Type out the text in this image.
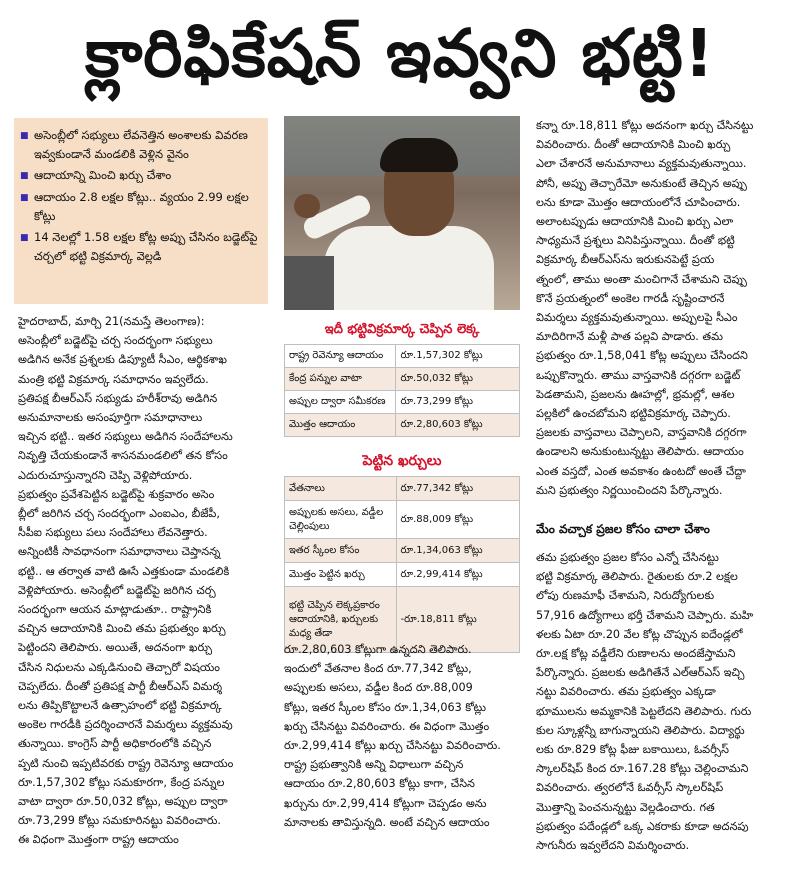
క్లారిఫికేషన్ ఇవ్వని భట్టి!
■ అసెంబ్లీలో సభ్యులు లేవనెత్తిన అంశాలకు వివరణ ఇవ్వకుండానే మండలికి వెళ్లిన వైనం
■ ఆదాయాన్ని మించి ఖర్చు చేశాం
■ ఆదాయం 2.8 లక్షల కోట్లు.. వ్యయం 2.99 లక్షల కోట్లు
■ 14 నెలల్లో 1.58 లక్షల కోట్ల అప్పు చేసినం బడ్జెట్‌పై చర్చలో భట్టి విక్రమార్క వెల్లడి
ఇదీ భట్టివిక్రమార్క చెప్పిన లెక్క
రాష్ట్ర రెవెన్యూ ఆదాయం	రూ.1,57,302 కోట్లు
కేంద్ర పన్నుల వాటా	రూ.50,032 కోట్లు
అప్పుల ద్వారా సమీకరణ	రూ.73,299 కోట్లు
మొత్తం ఆదాయం	రూ.2,80,603 కోట్లు
పెట్టిన ఖర్చులు
వేతనాలు	రూ.77,342 కోట్లు
అప్పులకు అసలు, వడ్డీల చెల్లింపులు	రూ.88,009 కోట్లు
ఇతర స్కీంల కోసం	రూ.1,34,063 కోట్లు
మొత్తం పెట్టిన ఖర్చు	రూ.2,99,414 కోట్లు
భట్టి చెప్పిన లెక్కప్రకారం ఆదాయానికి, ఖర్చులకు మధ్య తేడా	-రూ.18,811 కోట్లు
హైదరాబాద్, మార్చి 21(నమస్తే తెలంగాణ):
అసెంబ్లీలో బడ్జెట్‌పై చర్చ సందర్భంగా సభ్యులు
అడిగిన అనేక ప్రశ్నలకు డిప్యూటీ సీఎం, ఆర్థికశాఖ
మంత్రి భట్టి విక్రమార్క సమాధానం ఇవ్వలేదు.
ప్రతిపక్ష బీఆర్‌ఎస్ సభ్యుడు హరీశ్‌రావు అడిగిన
అనుమానాలకు అసంపూర్తిగా సమాధానాలు
ఇచ్చిన భట్టి.. ఇతర సభ్యులు అడిగిన సందేహాలను
నివృత్తి చేయకుండానే శాసనమండలిలో తన కోసం
ఎదురుచూస్తున్నారని చెప్పి వెళ్లిపోయారు.
ప్రభుత్వం ప్రవేశపెట్టిన బడ్జెట్‌పై శుక్రవారం అసెం
బ్లీలో జరిగిన చర్చ సందర్భంగా ఎంఐఎం, బీజేపీ,
సీపీఐ సభ్యులు పలు సందేహాలు లేవనెత్తారు.
అన్నింటికీ సావధానంగా సమాధానాలు చెప్తానన్న
భట్టి.. ఆ తర్వాత వాటి ఊసే ఎత్తకుండా మండలికి
వెళ్లిపోయారు. అసెంబ్లీలో బడ్జెట్‌పై జరిగిన చర్చ
సందర్భంగా ఆయన మాట్లాడుతూ.. రాష్ట్రానికి
వచ్చిన ఆదాయానికి మించి తమ ప్రభుత్వం ఖర్చు
పెట్టిందని తెలిపారు. అయితే, అదనంగా ఖర్చు
చేసిన నిధులను ఎక్కడినుంచి తెచ్చారో విషయం
చెప్పలేదు. దీంతో ప్రతిపక్ష పార్టీ బీఆర్‌ఎస్ విమర్శ
లను తిప్పికొట్టాలనే ఉత్సాహంలో భట్టి విక్రమార్క
అంకెల గారడీకి ప్రదర్శించారనే విమర్శలు వ్యక్తమవు
తున్నాయి. కాంగ్రెస్ పార్టీ అధికారంలోకి వచ్చిన
ప్పటి నుంచి ఇప్పటివరకు రాష్ట్ర రెవెన్యూ ఆదాయం
రూ.1,57,302 కోట్లు సమకూరగా, కేంద్ర పన్నుల
వాటా ద్వారా రూ.50,032 కోట్లు, అప్పుల ద్వారా
రూ.73,299 కోట్లు సమకూరినట్టు వివరించారు.
ఈ విధంగా మొత్తంగా రాష్ట్ర ఆదాయం
రూ.2,80,603 కోట్లుగా ఉన్నదని తెలిపారు.
ఇందులో వేతనాల కింద రూ.77,342 కోట్లు,
అప్పులకు అసలు, వడ్డీల కింద రూ.88,009
కోట్లు, ఇతర స్కీంల కోసం రూ.1,34,063 కోట్లు
ఖర్చు చేసినట్టు వివరించారు. ఈ విధంగా మొత్తం
రూ.2,99,414 కోట్లు ఖర్చు చేసినట్టు వివరించారు.
రాష్ట్ర ప్రభుత్వానికి అన్ని విధాలుగా వచ్చిన
ఆదాయం రూ.2,80,603 కోట్లు కాగా, చేసిన
ఖర్చును రూ.2,99,414 కోట్లుగా చెప్పడం అను
మానాలకు తావిస్తున్నది. అంటే వచ్చిన ఆదాయం
కన్నా రూ.18,811 కోట్లు అదనంగా ఖర్చు చేసినట్టు
వివరించారు. దీంతో ఆదాయానికి మించి ఖర్చు
ఎలా చేశారనే అనుమానాలు వ్యక్తమవుతున్నాయి.
పోనీ, అప్పు తెచ్చారేమో అనుకుంటే తెచ్చిన అప్పు
లను కూడా మొత్తం ఆదాయంలోనే చూపించారు.
అలాంటప్పుడు ఆదాయానికి మించి ఖర్చు ఎలా
సాధ్యమనే ప్రశ్నలు వినిపిస్తున్నాయి. దీంతో భట్టి
విక్రమార్క బీఆర్‌ఎస్‌ను ఇరుకునపెట్టే ప్రయ
త్నంలో, తాము అంతా మంచిగానే చేశామని చెప్పు
కొనే ప్రయత్నంలో అంకెల గారడీ సృష్టించారనే
విమర్శలు వ్యక్తమవుతున్నాయి. అప్పులపై సీఎం
మాదిరిగానే మళ్లీ పాత పల్లవి పాడారు. తమ
ప్రభుత్వం రూ.1,58,041 కోట్ల అప్పులు చేసిందని
ఒప్పుకొన్నారు. తాము వాస్తవానికి దగ్గరగా బడ్జెట్
పెడతామని, ప్రజలను ఊహల్లో, భ్రమల్లో, ఆశల
పల్లకిలో ఉంచబోమని భట్టివిక్రమార్క చెప్పారు.
ప్రజలకు వాస్తవాలు చెప్పాలని, వాస్తవానికి దగ్గరగా
ఉండాలని అనుకుంటున్నట్టు తెలిపారు. ఆదాయం
ఎంత వస్తదో, ఎంత అవకాశం ఉంటదో అంతే చేద్దా
మని ప్రభుత్వం నిర్ణయించిందని పేర్కొన్నారు.
మేం వచ్చాక ప్రజల కోసం చాలా చేశాం
తమ ప్రభుత్వం ప్రజల కోసం ఎన్నో చేసినట్టు
భట్టి విక్రమార్క తెలిపారు. రైతులకు రూ.2 లక్షల
లోపు రుణమాఫీ చేశామని, నిరుద్యోగులకు
57,916 ఉద్యోగాలు భర్తీ చేశామని చెప్పారు. మహి
ళలకు ఏటా రూ.20 వేల కోట్ల చొప్పున ఐదేండ్లలో
రూ.లక్ష కోట్ల వడ్డీలేని రుణాలను అందజేస్తామని
పేర్కొన్నారు. ప్రజలకు అడిగితేనే ఎల్‌ఆర్‌ఎస్ ఇచ్చి
నట్టు వివరించారు. తమ ప్రభుత్వం ఎక్కడా
భూములను అమ్మకానికి పెట్టలేదని తెలిపారు. గురు
కుల స్కూళ్లన్నీ బాగున్నాయని తెలిపారు. విద్యార్థు
లకు రూ.829 కోట్ల ఫీజు బకాయిలు, ఓవర్సీస్
స్కాలర్‌షిప్ కింద రూ.167.28 కోట్లు చెల్లించామని
వివరించారు. త్వరలోనే ఓవర్సీస్ స్కాలర్‌షిప్
మొత్తాన్ని పెంచనున్నట్టు వెల్లడించారు. గత
ప్రభుత్వం పదేండ్లలో ఒక్క ఎకరాకు కూడా అదనపు
సాగునీరు ఇవ్వలేదని విమర్శించారు.
